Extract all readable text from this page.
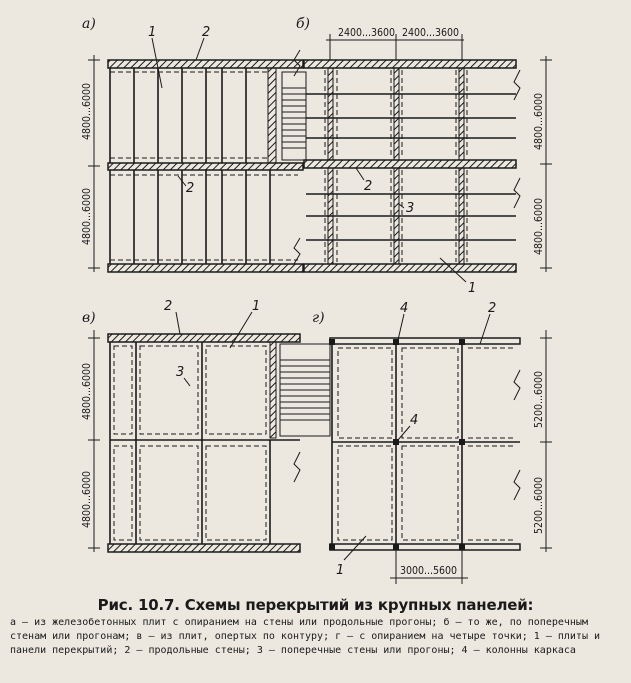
а)
4800...6000
4800...6000
1	2
2
б)
2400...3600 2400...3600
4800...6000
4800...6000
2
3
1
в)
4800...6000
4800...6000
2	1
3
г)
5200...6000
5200...6000
3000...5600
4	2
4
1
Рис. 10.7. Схемы перекрытий из крупных панелей:
а — из железобетонных плит с опиранием на стены или продольные прогоны; б — то же, по поперечным стенам или прогонам; в — из плит, опертых по контуру; г — с опиранием на четыре точки; 1 — плиты и панели перекрытий; 2 — продольные стены; 3 — поперечные стены или прогоны; 4 — колонны каркаса
